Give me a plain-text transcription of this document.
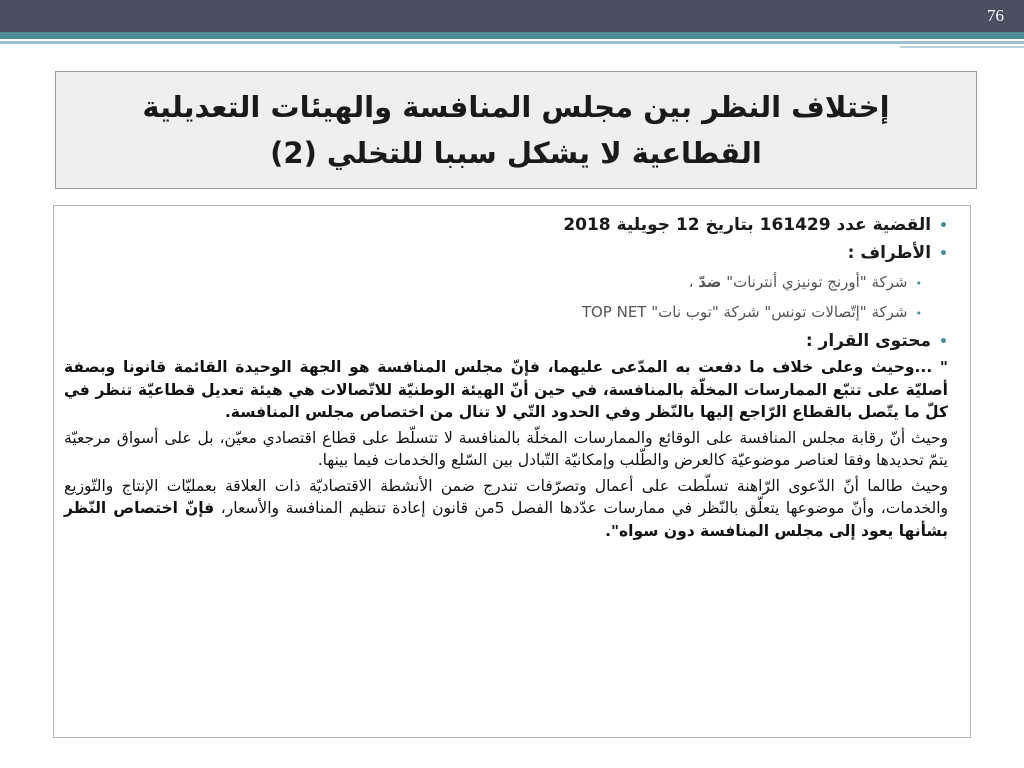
76
إختلاف النظر بين مجلس المنافسة والهيئات التعديلية
القطاعية لا يشكل سببا للتخلي (2)
•
القضية عدد 161429 بتاريخ 12 جويلية 2018
•
الأطراف :
•
شركة "أورنج تونيزي أنترنات" ضدّ ،
•
شركة "إتّصالات تونس" شركة "توب نات" TOP NET
•
محتوى القرار :

" ...وحيث وعلى خلاف ما دفعت به المدّعى عليهما، فإنّ مجلس المنافسة هو الجهة الوحيدة القائمة قانونا وبصفة أصليّة على تتبّع الممارسات المخلّة بالمنافسة، في حين أنّ الهيئة الوطنيّة للاتّصالات هي هيئة تعديل قطاعيّة تنظر في كلّ ما يتّصل بالقطاع الرّاجع إليها بالنّظر وفي الحدود التّي لا تنال من اختصاص مجلس المنافسة.

وحيث أنّ رقابة مجلس المنافسة على الوقائع والممارسات المخلّة بالمنافسة لا تتسلّط على قطاع اقتصادي معيّن، بل على أسواق مرجعيّة يتمّ تحديدها وفقا لعناصر موضوعيّة كالعرض والطّلب وإمكانيّة التّبادل بين السّلع والخدمات فيما بينها.

وحيث طالما أنّ الدّعوى الرّاهنة تسلّطت على أعمال وتصرّفات تندرج ضمن الأنشطة الاقتصاديّة ذات العلاقة بعمليّات الإنتاج والتّوزيع والخدمات، وأنّ موضوعها يتعلّق بالنّظر في ممارسات عدّدها الفصل 5من قانون إعادة تنظيم المنافسة والأسعار، فإنّ اختصاص النّظر بشأنها يعود إلى مجلس المنافسة دون سواه".
